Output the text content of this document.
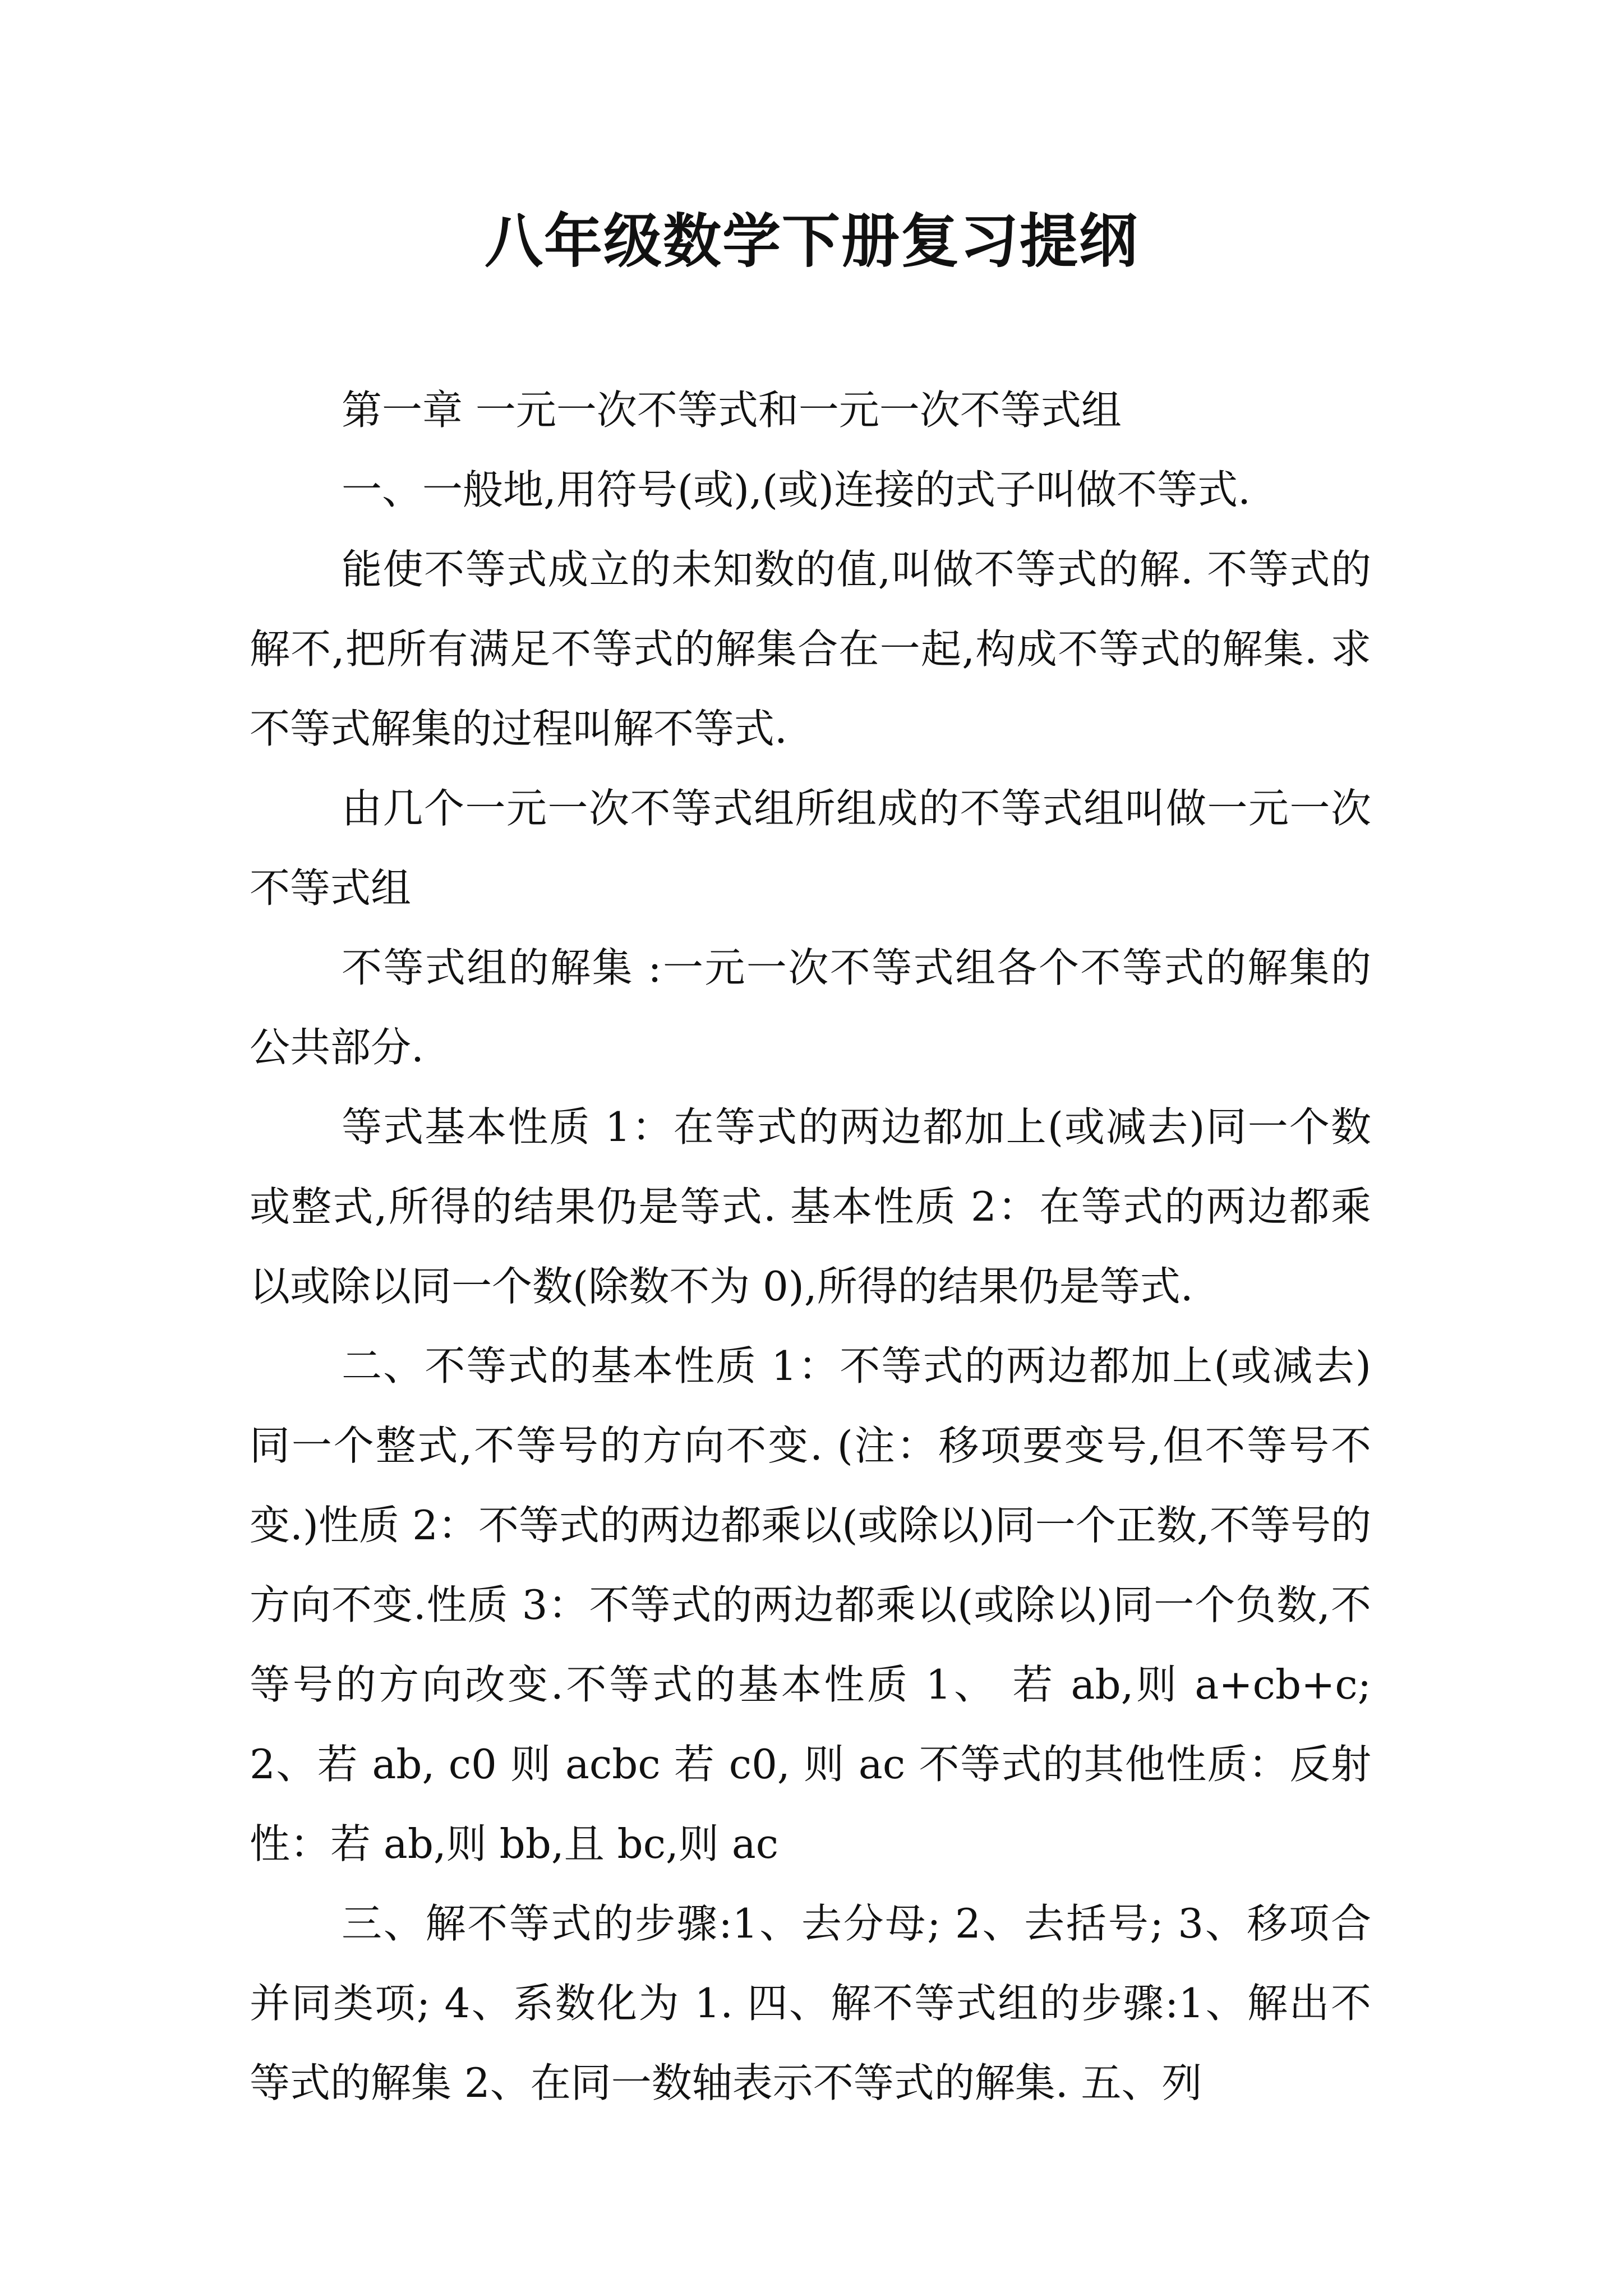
八年级数学下册复习提纲

第一章 一元一次不等式和一元一次不等式组

一、一般地,用符号(或),(或)连接的式子叫做不等式.

能使不等式成立的未知数的值,叫做不等式的解. 不等式的解不,把所有满足不等式的解集合在一起,构成不等式的解集. 求不等式解集的过程叫解不等式.

由几个一元一次不等式组所组成的不等式组叫做一元一次不等式组

不等式组的解集 :一元一次不等式组各个不等式的解集的公共部分.

等式基本性质 1：在等式的两边都加上(或减去)同一个数或整式,所得的结果仍是等式. 基本性质 2：在等式的两边都乘以或除以同一个数(除数不为 0),所得的结果仍是等式.

二、不等式的基本性质 1：不等式的两边都加上(或减去)同一个整式,不等号的方向不变. (注：移项要变号,但不等号不变.)性质 2：不等式的两边都乘以(或除以)同一个正数,不等号的方向不变.性质 3：不等式的两边都乘以(或除以)同一个负数,不等号的方向改变.不等式的基本性质 1、 若 ab,则 a+cb+c;2、若 ab, c0 则 acbc 若 c0, 则 ac 不等式的其他性质：反射性：若 ab,则 bb,且 bc,则 ac

三、解不等式的步骤:1、去分母; 2、去括号; 3、移项合并同类项; 4、系数化为 1. 四、解不等式组的步骤:1、解出不等式的解集 2、在同一数轴表示不等式的解集. 五、列
